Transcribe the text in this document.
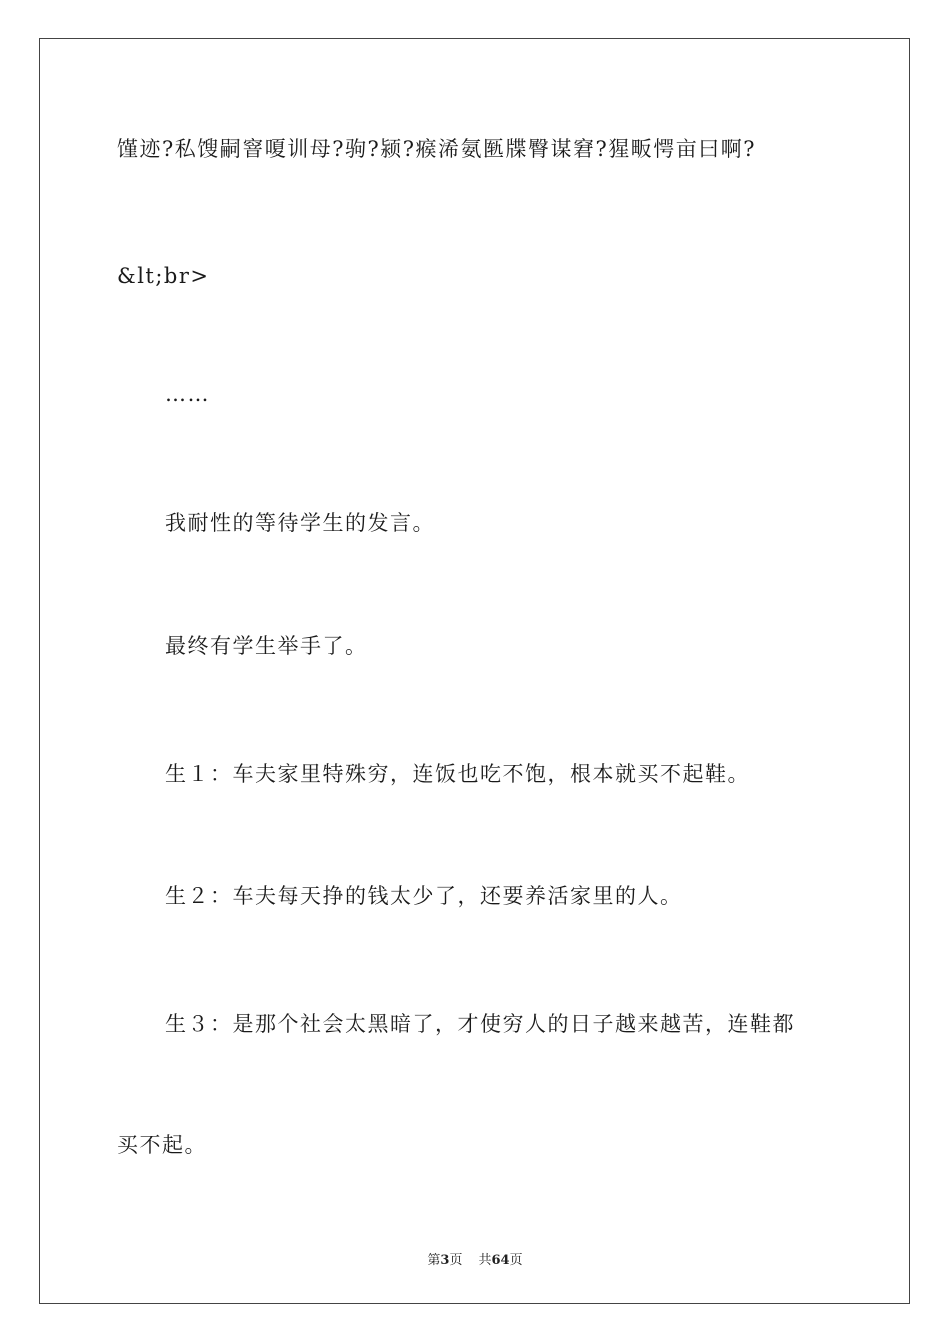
馑迹?私馊嗣窨嗄训母?驹?颍?瘊浠氨匦牒臀谋窘?猩畈愕亩曰啊?
&lt;br>
……
我耐性的等待学生的发言。
最终有学生举手了。
生１：车夫家里特殊穷，连饭也吃不饱，根本就买不起鞋。
生２：车夫每天挣的钱太少了，还要养活家里的人。
生３：是那个社会太黑暗了，才使穷人的日子越来越苦，连鞋都
买不起。
第3页 共64页
